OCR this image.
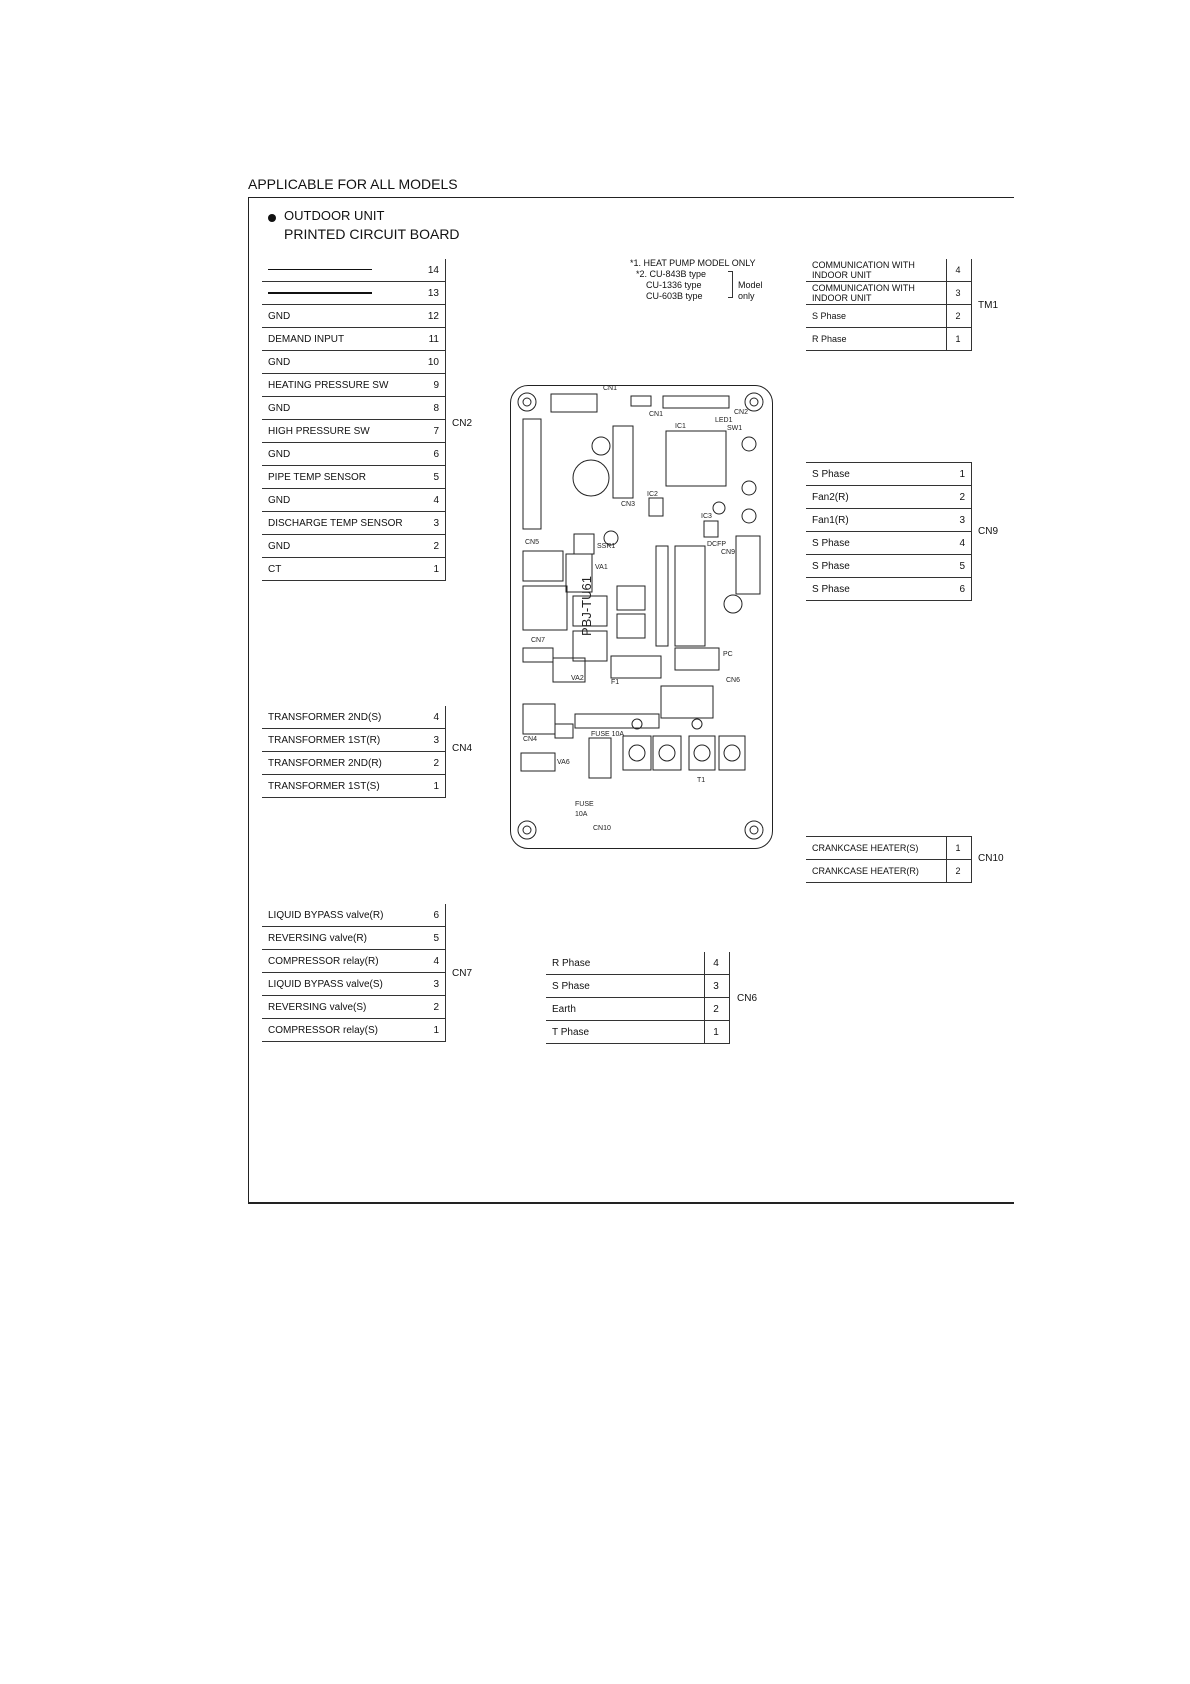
APPLICABLE FOR ALL MODELS
OUTDOOR UNIT
PRINTED CIRCUIT BOARD
*1. HEAT PUMP MODEL ONLY
*2. CU-843B type
CU-1336 type
CU-603B type
Model only
	14
	13
GND	12
DEMAND INPUT	11
GND	10
HEATING PRESSURE SW	9
GND	8
HIGH PRESSURE SW	7
GND	6
PIPE TEMP SENSOR	5
GND	4
DISCHARGE TEMP SENSOR	3
GND	2
CT	1
CN2
TRANSFORMER 2ND(S)	4
TRANSFORMER 1ST(R)	3
TRANSFORMER 2ND(R)	2
TRANSFORMER 1ST(S)	1
CN4
LIQUID BYPASS valve(R)	6
REVERSING valve(R)	5
COMPRESSOR relay(R)	4
LIQUID BYPASS valve(S)	3
REVERSING valve(S)	2
COMPRESSOR relay(S)	1
CN7
R Phase	4
S Phase	3
Earth	2
T Phase	1
CN6
COMMUNICATION WITH INDOOR UNIT	4
COMMUNICATION WITH INDOOR UNIT	3
S Phase	2
R Phase	1
TM1
S Phase	1
Fan2(R)	2
Fan1(R)	3
S Phase	4
S Phase	5
S Phase	6
CN9
CRANKCASE HEATER(S)	1
CRANKCASE HEATER(R)	2
CN10
CN1
PBJ-TU61
FUSE
10A
FUSE 10A
CN1	CN2
CN3
CN4
CN5
CN6
CN7
CN9
CN10
IC1
IC2
IC3
VA1
VA2
VA6
SSR1	DCFP
F1
PC
SW1
LED1
T1
